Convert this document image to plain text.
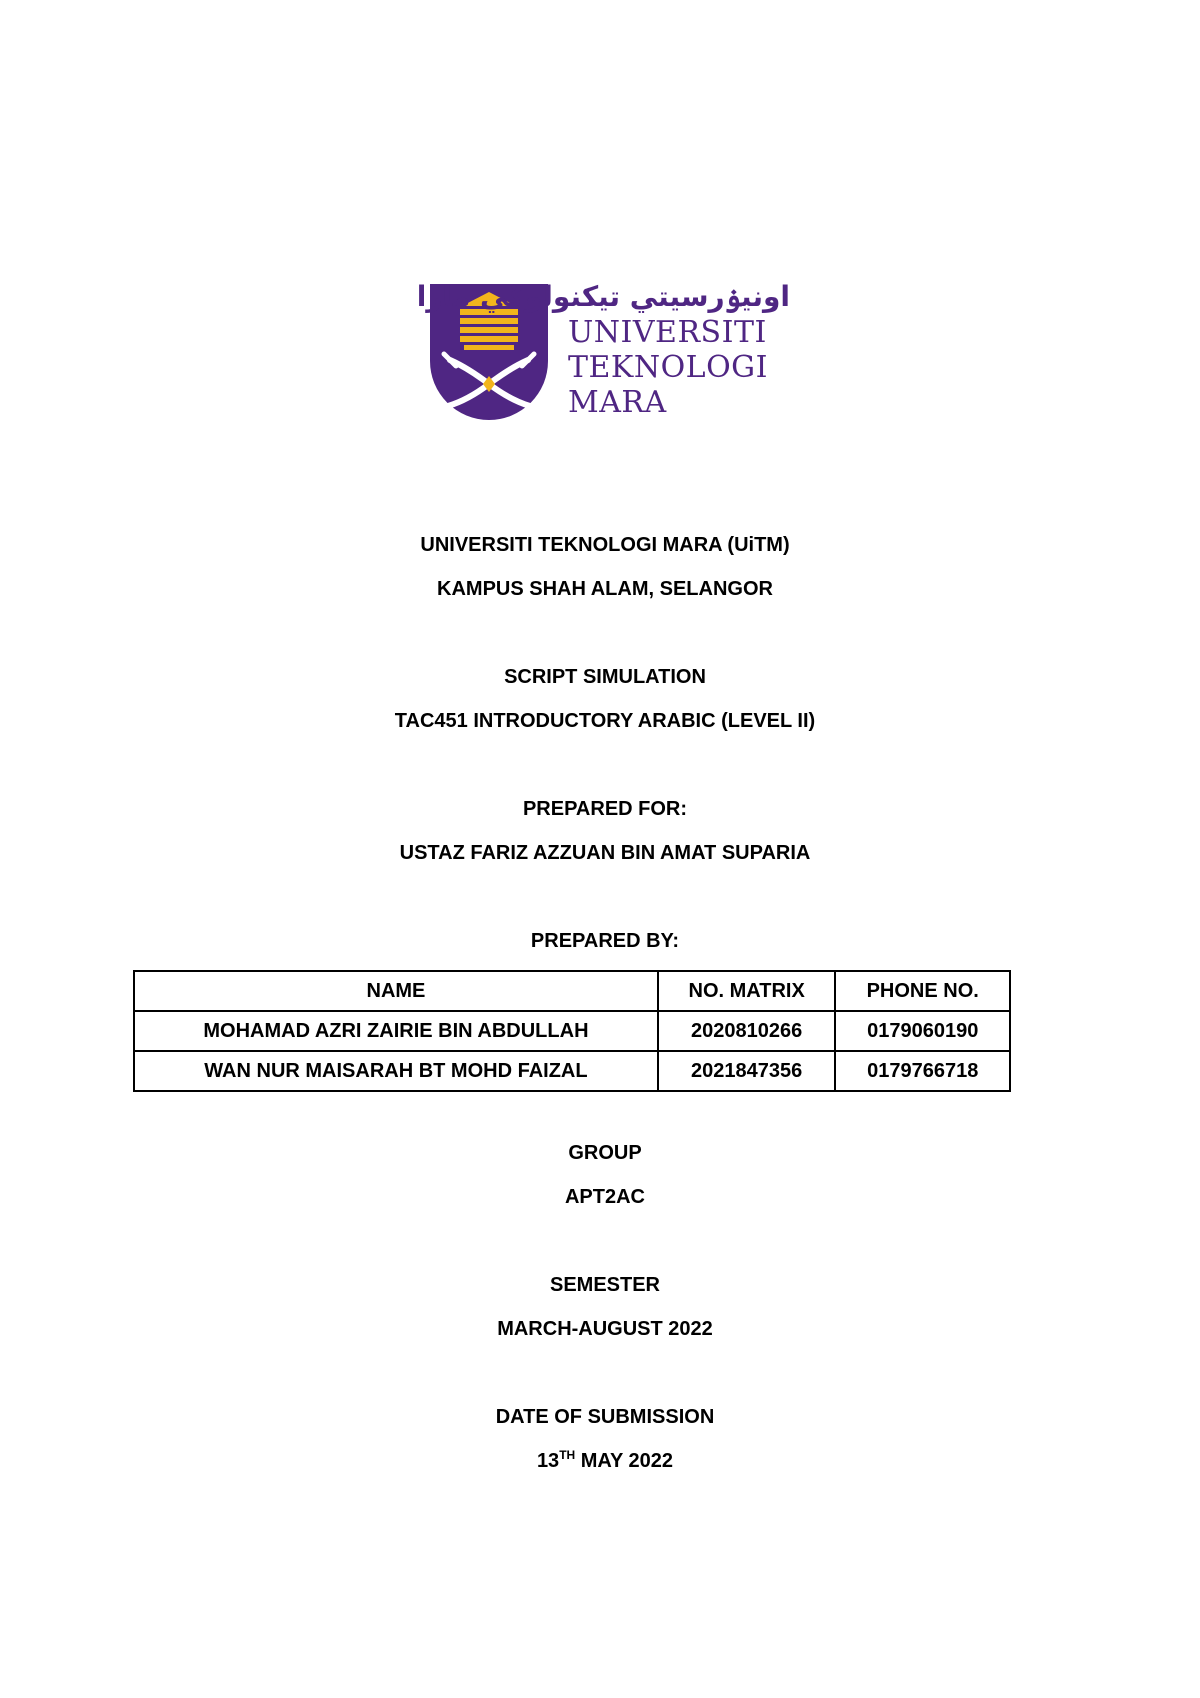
اونيۏرسيتي تيكنولوݢي مارا
UNIVERSITI
TEKNOLOGI
MARA
UNIVERSITI TEKNOLOGI MARA (UiTM)
KAMPUS SHAH ALAM, SELANGOR
SCRIPT SIMULATION
TAC451 INTRODUCTORY ARABIC (LEVEL II)
PREPARED FOR:
USTAZ FARIZ AZZUAN BIN AMAT SUPARIA
PREPARED BY:
NAME	NO. MATRIX	PHONE NO.
MOHAMAD AZRI ZAIRIE BIN ABDULLAH	2020810266	0179060190
WAN NUR MAISARAH BT MOHD FAIZAL	2021847356	0179766718
GROUP
APT2AC
SEMESTER
MARCH-AUGUST 2022
DATE OF SUBMISSION
13TH MAY 2022
